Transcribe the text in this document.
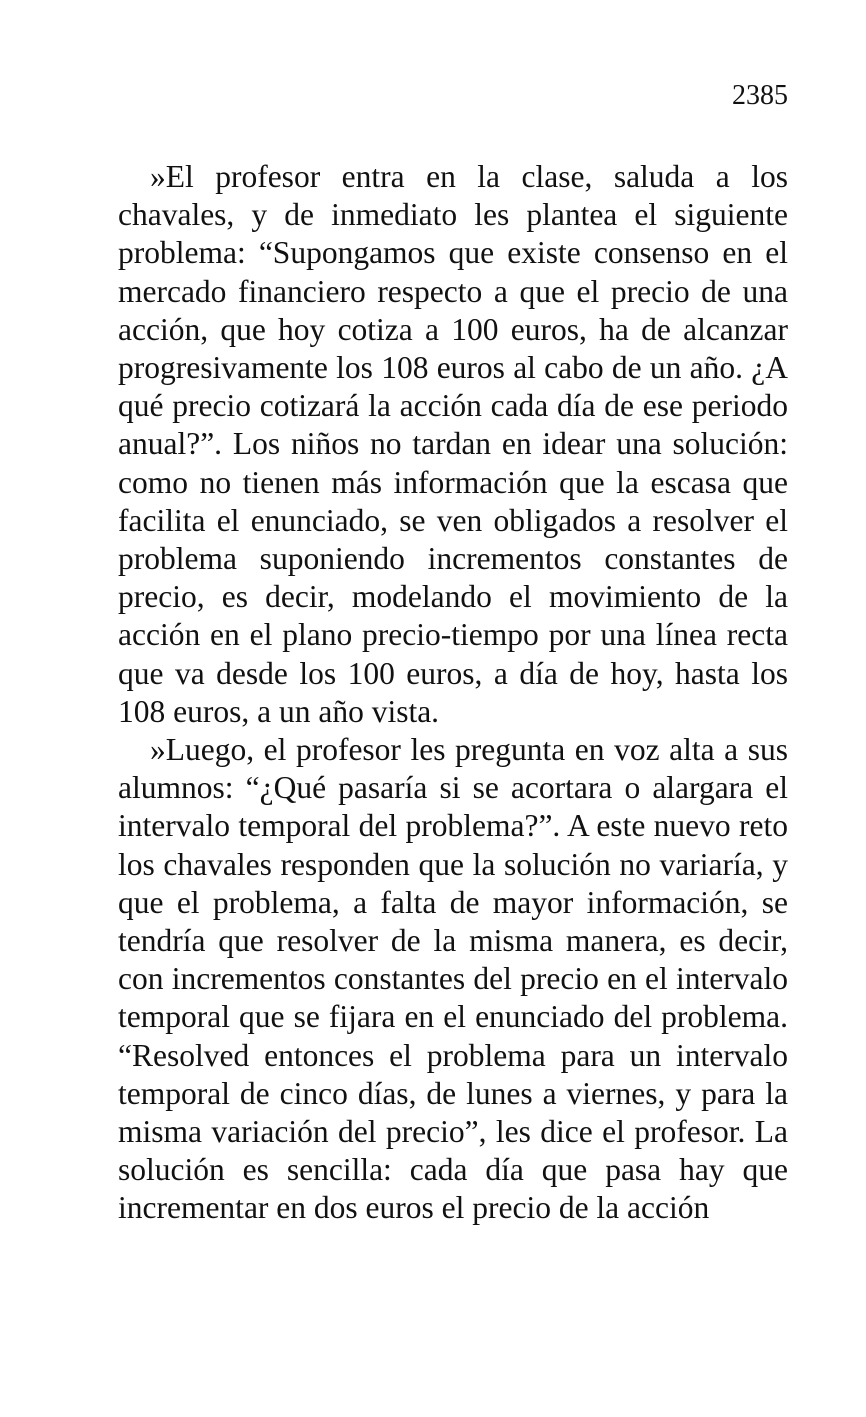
2385

»El profesor entra en la clase, saluda a los chavales, y de inmediato les plantea el siguiente problema: “Supongamos que existe consenso en el mercado financiero respecto a que el precio de una acción, que hoy cotiza a 100 euros, ha de alcanzar progresivamente los 108 euros al cabo de un año. ¿A qué precio cotizará la acción cada día de ese periodo anual?”. Los niños no tardan en idear una solución: como no tienen más información que la escasa que facilita el enunciado, se ven obligados a resolver el problema suponiendo incrementos constantes de precio, es decir, modelando el movimiento de la acción en el plano precio-tiempo por una línea recta que va desde los 100 euros, a día de hoy, hasta los 108 euros, a un año vista.

»Luego, el profesor les pregunta en voz alta a sus alumnos: “¿Qué pasaría si se acortara o alargara el intervalo temporal del problema?”. A este nuevo reto los chavales responden que la solución no variaría, y que el problema, a falta de mayor información, se tendría que resolver de la misma manera, es decir, con incrementos constantes del precio en el intervalo temporal que se fijara en el enunciado del problema. “Resolved entonces el problema para un intervalo temporal de cinco días, de lunes a viernes, y para la misma variación del precio”, les dice el profesor. La solución es sencilla: cada día que pasa hay que incrementar en dos euros el precio de la acción
